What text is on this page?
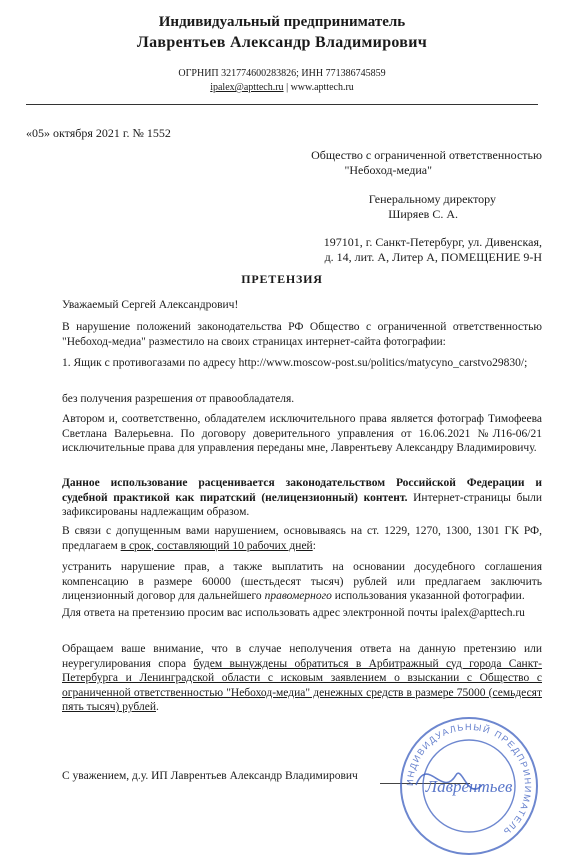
Индивидуальный предприниматель
Лаврентьев Александр Владимирович
ОГРНИП 321774600283826; ИНН 771386745859
ipalex@apttech.ru | www.apttech.ru
«05» октября 2021 г. № 1552
Общество с ограниченной ответственностью
"Небоход-медиа"
Генеральному директору
Ширяев С. А.
197101, г. Санкт-Петербург, ул. Дивенская,
д. 14, лит. А, Литер А, ПОМЕЩЕНИЕ 9-Н
ПРЕТЕНЗИЯ
Уважаемый Сергей Александрович!
В нарушение положений законодательства РФ Общество с ограниченной ответственностью "Небоход-медиа" разместило на своих страницах интернет-сайта фотографии:
1. Ящик с противогазами по адресу http://www.moscow-post.su/politics/matycyno_carstvo29830/;
без получения разрешения от правообладателя.
Автором и, соответственно, обладателем исключительного права является фотограф Тимофеева Светлана Валерьевна. По договору доверительного управления от 16.06.2021 №Л16-06/21 исключительные права для управления переданы мне, Лаврентьеву Александру Владимировичу.
Данное использование расценивается законодательством Российской Федерации и судебной практикой как пиратский (нелицензионный) контент. Интернет-страницы были зафиксированы надлежащим образом.
В связи с допущенным вами нарушением, основываясь на ст. 1229, 1270, 1300, 1301 ГК РФ, предлагаем в срок, составляющий 10 рабочих дней:
устранить нарушение прав, а также выплатить на основании досудебного соглашения компенсацию в размере 60000 (шестьдесят тысяч) рублей или предлагаем заключить лицензионный договор для дальнейшего правомерного использования указанной фотографии.
Для ответа на претензию просим вас использовать адрес электронной почты ipalex@apttech.ru
Обращаем ваше внимание, что в случае неполучения ответа на данную претензию или неурегулирования спора будем вынуждены обратиться в Арбитражный суд города Санкт-Петербурга и Ленинградской области с исковым заявлением о взыскании с Общество с ограниченной ответственностью "Небоход-медиа" денежных средств в размере 75000 (семьдесят пять тысяч) рублей.
С уважением, д.у. ИП Лаврентьев Александр Владимирович	ИНДИВИДУАЛЬНЫЙ ПРЕДПРИНИМАТЕЛЬ
Лаврентьев
